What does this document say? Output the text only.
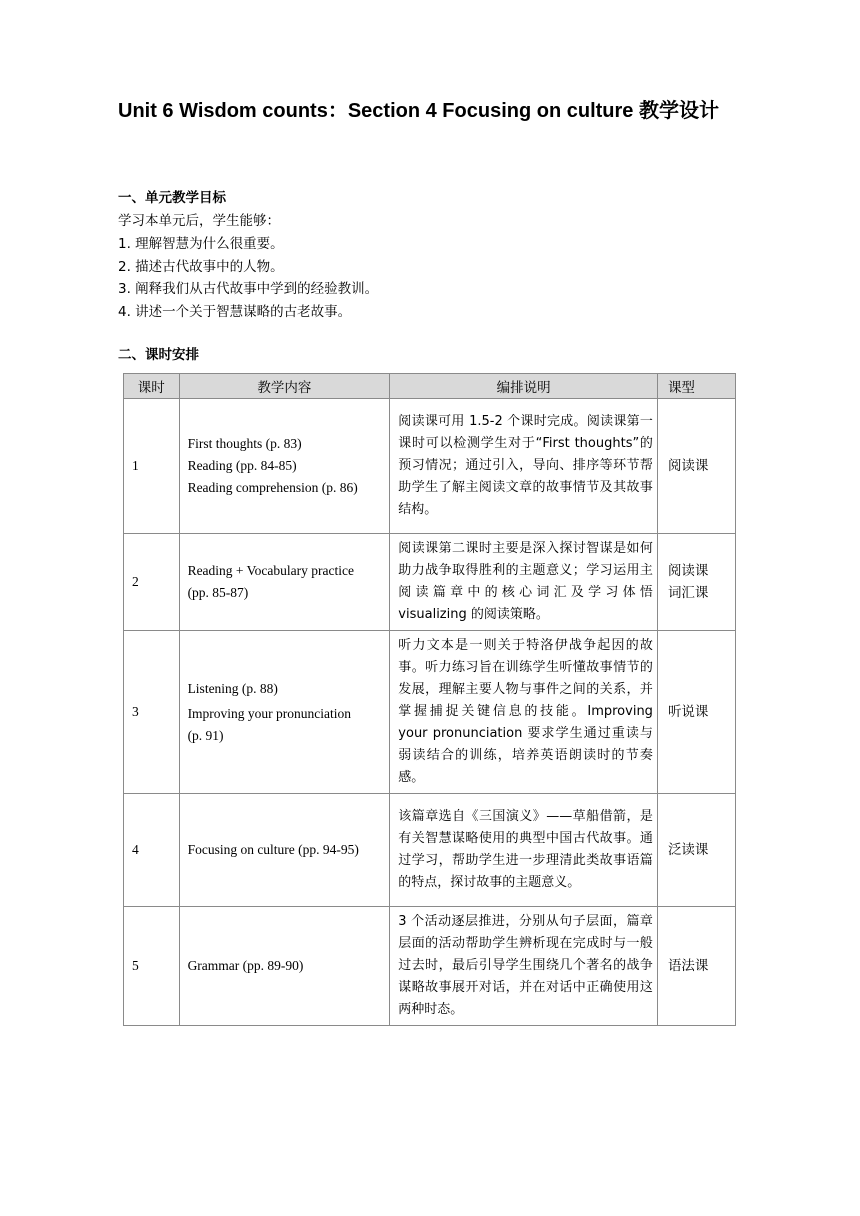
Unit 6 Wisdom counts：Section 4 Focusing on culture 教学设计
一、单元教学目标
学习本单元后，学生能够：
1. 理解智慧为什么很重要。
2. 描述古代故事中的人物。
3. 阐释我们从古代故事中学到的经验教训。
4. 讲述一个关于智慧谋略的古老故事。
二、课时安排
课时	教学内容	编排说明	课型
1	First thoughts (p. 83)
Reading (pp. 84-85)
Reading comprehension (p. 86)	阅读课可用 1.5-2 个课时完成。阅读课第一课时可以检测学生对于“First thoughts”的预习情况；通过引入，导向、排序等环节帮助学生了解主阅读文章的故事情节及其故事结构。	阅读课

2	Reading + Vocabulary practice
(pp. 85-87)	阅读课第二课时主要是深入探讨智谋是如何助力战争取得胜利的主题意义；学习运用主阅读篇章中的核心词汇及学习体悟 visualizing 的阅读策略。	阅读课
词汇课

3	Listening (p. 88)
Improving your pronunciation
(p. 91)	听力文本是一则关于特洛伊战争起因的故事。听力练习旨在训练学生听懂故事情节的发展，理解主要人物与事件之间的关系，并掌握捕捉关键信息的技能。Improving your pronunciation 要求学生通过重读与弱读结合的训练，培养英语朗读时的节奏感。	听说课

4	Focusing on culture (pp. 94-95)	该篇章选自《三国演义》——草船借箭，是有关智慧谋略使用的典型中国古代故事。通过学习，帮助学生进一步理清此类故事语篇的特点，探讨故事的主题意义。	泛读课

5	Grammar (pp. 89-90)	3 个活动逐层推进，分别从句子层面，篇章层面的活动帮助学生辨析现在完成时与一般过去时，最后引导学生围绕几个著名的战争谋略故事展开对话，并在对话中正确使用这两种时态。	语法课
